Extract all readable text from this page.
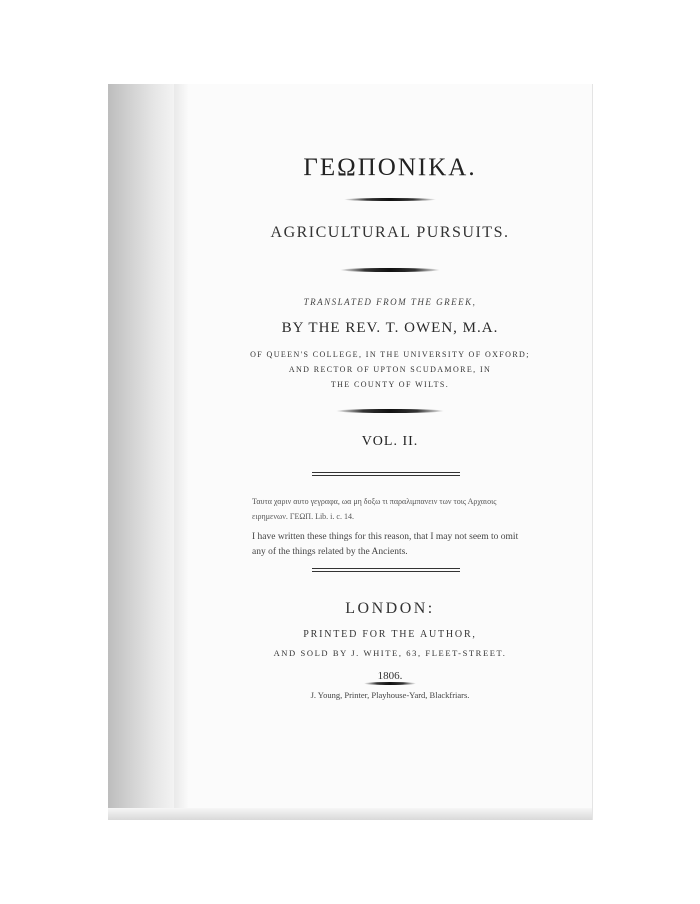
ΓΕΩΠΟΝΙΚΑ.
AGRICULTURAL PURSUITS.
TRANSLATED FROM THE GREEK,
BY THE REV. T. OWEN, M.A.
OF QUEEN'S COLLEGE, IN THE UNIVERSITY OF OXFORD;
AND RECTOR OF UPTON SCUDAMORE, IN
THE COUNTY OF WILTS.
VOL. II.
Ταυτα χαριν αυτο γεγραφα, ωα μη δοξω τι παραλιμπανειν των τοις Αρχαιοις
ειρημενων. ΓΕΩΠ. Lib. i. c. 14.
I have written these things for this reason, that I may not seem to omit
any of the things related by the Ancients.
LONDON:
PRINTED FOR THE AUTHOR,
AND SOLD BY J. WHITE, 63, FLEET-STREET.
1806.
J. Young, Printer, Playhouse-Yard, Blackfriars.
